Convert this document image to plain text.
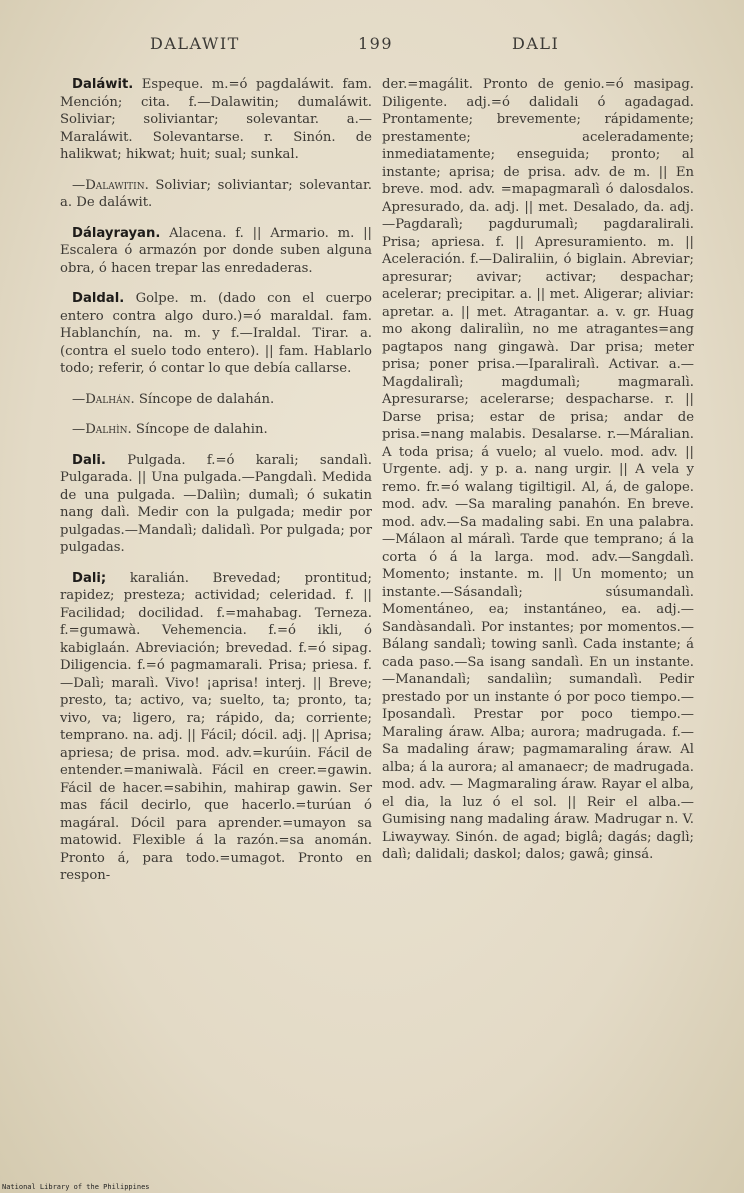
DALAWIT	199	DALI

Daláwit. Espeque. m.=ó pagdaláwit. fam. Mención; cita. f.—Dalawitin; dumaláwit. Soliviar; soliviantar; solevantar. a.—Maraláwit. Solevantarse. r. Sinón. de halikwat; hikwat; huit; sual; sunkal.

—Dalawitin. Soliviar; soliviantar; solevantar. a. De daláwit.

Dálayrayan. Alacena. f. || Armario. m. || Escalera ó armazón por donde suben alguna obra, ó hacen trepar las enredaderas.

Daldal. Golpe. m. (dado con el cuerpo entero contra algo duro.)=ó maraldal. fam. Hablanchín, na. m. y f.—Iraldal. Tirar. a. (contra el suelo todo entero). || fam. Hablarlo todo; referir, ó contar lo que debía callarse.

—Dalhán. Síncope de dalahán.

—Dalhìn. Síncope de dalahin.

Dali. Pulgada. f.=ó karali; sandalì. Pulgarada. || Una pulgada.—Pangdalì. Medida de una pulgada. —Daliìn; dumalì; ó sukatin nang dalì. Medir con la pulgada; medir por pulgadas.—Mandalì; dalidalì. Por pulgada; por pulgadas.

Dali; karalián. Brevedad; prontitud; rapidez; presteza; actividad; celeridad. f. || Facilidad; docilidad. f.=mahabag. Terneza. f.=gumawà. Vehemencia. f.=ó ikli, ó kabiglaán. Abreviación; brevedad. f.=ó sipag. Diligencia. f.=ó pagmamarali. Prisa; priesa. f.—Dalì; maralì. Vivo! ¡aprisa! interj. || Breve; presto, ta; activo, va; suelto, ta; pronto, ta; vivo, va; ligero, ra; rápido, da; corriente; temprano. na. adj. || Fácil; dócil. adj. || Aprisa; apriesa; de prisa. mod. adv.=kurúin. Fácil de entender.=maniwalà. Fácil en creer.=gawin. Fácil de hacer.=sabihin, mahirap gawin. Ser mas fácil decirlo, que hacerlo.=turúan ó magáral. Dócil para aprender.=umayon sa matowid. Flexible á la razón.=sa anomán. Pronto á, para todo.=umagot. Pronto en respon-

der.=magálit. Pronto de genio.=ó masipag. Diligente. adj.=ó dalidali ó agadagad. Prontamente; brevemente; rápidamente; prestamente; aceleradamente; inmediatamente; enseguida; pronto; al instante; aprisa; de prisa. adv. de m. || En breve. mod. adv. =mapagmaralì ó dalosdalos. Apresurado, da. adj. || met. Desalado, da. adj.—Pagdaralì; pagdurumalì; pagdaralirali. Prisa; apriesa. f. || Apresuramiento. m. || Aceleración. f.—Daliraliin, ó biglain. Abreviar; apresurar; avivar; activar; despachar; acelerar; precipitar. a. || met. Aligerar; aliviar: apretar. a. || met. Atragantar. a. v. gr. Huag mo akong daliraliìn, no me atragantes=ang pagtapos nang gingawà. Dar prisa; meter prisa; poner prisa.—Iparaliralì. Activar. a.—Magdaliralì; magdumalì; magmaralì. Apresurarse; acelerarse; despacharse. r. || Darse prisa; estar de prisa; andar de prisa.=nang malabis. Desalarse. r.—Máralian. A toda prisa; á vuelo; al vuelo. mod. adv. || Urgente. adj. y p. a. nang urgir. || A vela y remo. fr.=ó walang tigiltigil. Al, á, de galope. mod. adv. —Sa maraling panahón. En breve. mod. adv.—Sa madaling sabi. En una palabra.—Málaon al máralì. Tarde que temprano; á la corta ó á la larga. mod. adv.—Sangdalì. Momento; instante. m. || Un momento; un instante.—Sásandalì; súsumandalì. Momentáneo, ea; instantáneo, ea. adj.—Sandàsandalì. Por instantes; por momentos.—Bálang sandalì; towing sanlì. Cada instante; á cada paso.—Sa isang sandalì. En un instante.—Manandalì; sandaliìn; sumandalì. Pedir prestado por un instante ó por poco tiempo.—Iposandalì. Prestar por poco tiempo.—Maraling áraw. Alba; aurora; madrugada. f.—Sa madaling áraw; pagmamaraling áraw. Al alba; á la aurora; al amanaecr; de madrugada. mod. adv. — Magmaraling áraw. Rayar el alba, el dia, la luz ó el sol. || Reir el alba.—Gumising nang madaling áraw. Madrugar n. V. Liwayway. Sinón. de agad; biglâ; dagás; daglì; dalì; dalidali; daskol; dalos; gawâ; ginsá.

National Library of the Philippines
